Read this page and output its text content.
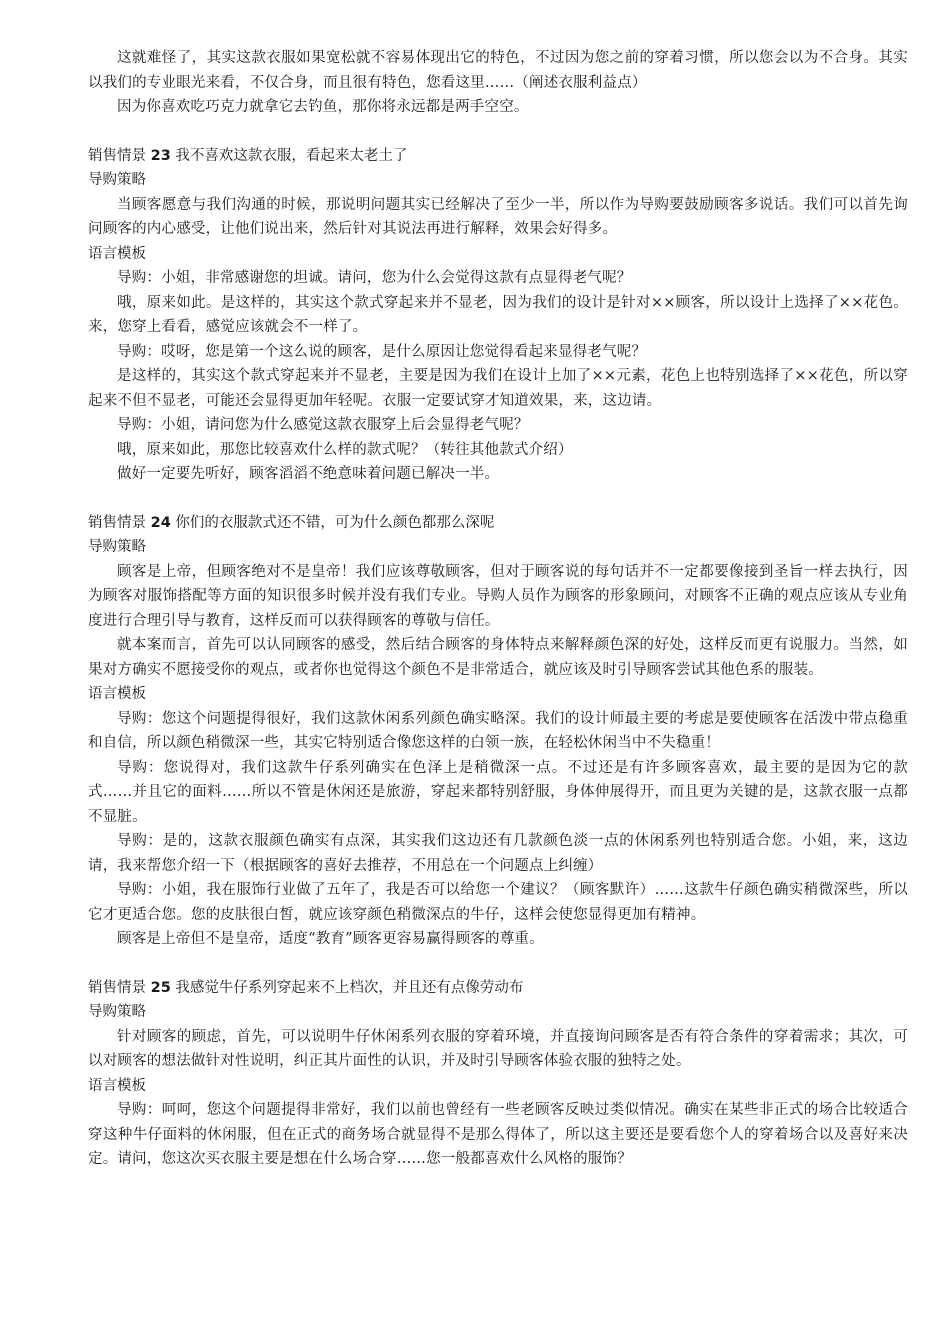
这就难怪了，其实这款衣服如果宽松就不容易体现出它的特色，不过因为您之前的穿着习惯，所以您会以为不合身。其实以我们的专业眼光来看，不仅合身，而且很有特色，您看这里……（阐述衣服利益点）

因为你喜欢吃巧克力就拿它去钓鱼，那你将永远都是两手空空。

销售情景 23 我不喜欢这款衣服，看起来太老土了

导购策略

当顾客愿意与我们沟通的时候，那说明问题其实已经解决了至少一半，所以作为导购要鼓励顾客多说话。我们可以首先询问顾客的内心感受，让他们说出来，然后针对其说法再进行解释，效果会好得多。

语言模板

导购：小姐，非常感谢您的坦诚。请问，您为什么会觉得这款有点显得老气呢？

哦，原来如此。是这样的，其实这个款式穿起来并不显老，因为我们的设计是针对××顾客，所以设计上选择了××花色。来，您穿上看看，感觉应该就会不一样了。

导购：哎呀，您是第一个这么说的顾客，是什么原因让您觉得看起来显得老气呢？

是这样的，其实这个款式穿起来并不显老，主要是因为我们在设计上加了××元素，花色上也特别选择了××花色，所以穿起来不但不显老，可能还会显得更加年轻呢。衣服一定要试穿才知道效果，来，这边请。

导购：小姐，请问您为什么感觉这款衣服穿上后会显得老气呢？

哦，原来如此，那您比较喜欢什么样的款式呢？（转往其他款式介绍）

做好一定要先听好，顾客滔滔不绝意味着问题已解决一半。

销售情景 24 你们的衣服款式还不错，可为什么颜色都那么深呢

导购策略

顾客是上帝，但顾客绝对不是皇帝！我们应该尊敬顾客，但对于顾客说的每句话并不一定都要像接到圣旨一样去执行，因为顾客对服饰搭配等方面的知识很多时候并没有我们专业。导购人员作为顾客的形象顾问，对顾客不正确的观点应该从专业角度进行合理引导与教育，这样反而可以获得顾客的尊敬与信任。

就本案而言，首先可以认同顾客的感受，然后结合顾客的身体特点来解释颜色深的好处，这样反而更有说服力。当然，如果对方确实不愿接受你的观点，或者你也觉得这个颜色不是非常适合，就应该及时引导顾客尝试其他色系的服装。

语言模板

导购：您这个问题提得很好，我们这款休闲系列颜色确实略深。我们的设计师最主要的考虑是要使顾客在活泼中带点稳重和自信，所以颜色稍微深一些，其实它特别适合像您这样的白领一族，在轻松休闲当中不失稳重！

导购：您说得对，我们这款牛仔系列确实在色泽上是稍微深一点。不过还是有许多顾客喜欢，最主要的是因为它的款式……并且它的面料……所以不管是休闲还是旅游，穿起来都特别舒服，身体伸展得开，而且更为关键的是，这款衣服一点都不显脏。

导购：是的，这款衣服颜色确实有点深，其实我们这边还有几款颜色淡一点的休闲系列也特别适合您。小姐，来，这边请，我来帮您介绍一下（根据顾客的喜好去推荐，不用总在一个问题点上纠缠）

导购：小姐，我在服饰行业做了五年了，我是否可以给您一个建议？（顾客默许）……这款牛仔颜色确实稍微深些，所以它才更适合您。您的皮肤很白皙，就应该穿颜色稍微深点的牛仔，这样会使您显得更加有精神。

顾客是上帝但不是皇帝，适度“教育”顾客更容易赢得顾客的尊重。

销售情景 25 我感觉牛仔系列穿起来不上档次，并且还有点像劳动布

导购策略

针对顾客的顾虑，首先，可以说明牛仔休闲系列衣服的穿着环境，并直接询问顾客是否有符合条件的穿着需求；其次，可以对顾客的想法做针对性说明，纠正其片面性的认识，并及时引导顾客体验衣服的独特之处。

语言模板

导购：呵呵，您这个问题提得非常好，我们以前也曾经有一些老顾客反映过类似情况。确实在某些非正式的场合比较适合穿这种牛仔面料的休闲服，但在正式的商务场合就显得不是那么得体了，所以这主要还是要看您个人的穿着场合以及喜好来决定。请问，您这次买衣服主要是想在什么场合穿……您一般都喜欢什么风格的服饰？
